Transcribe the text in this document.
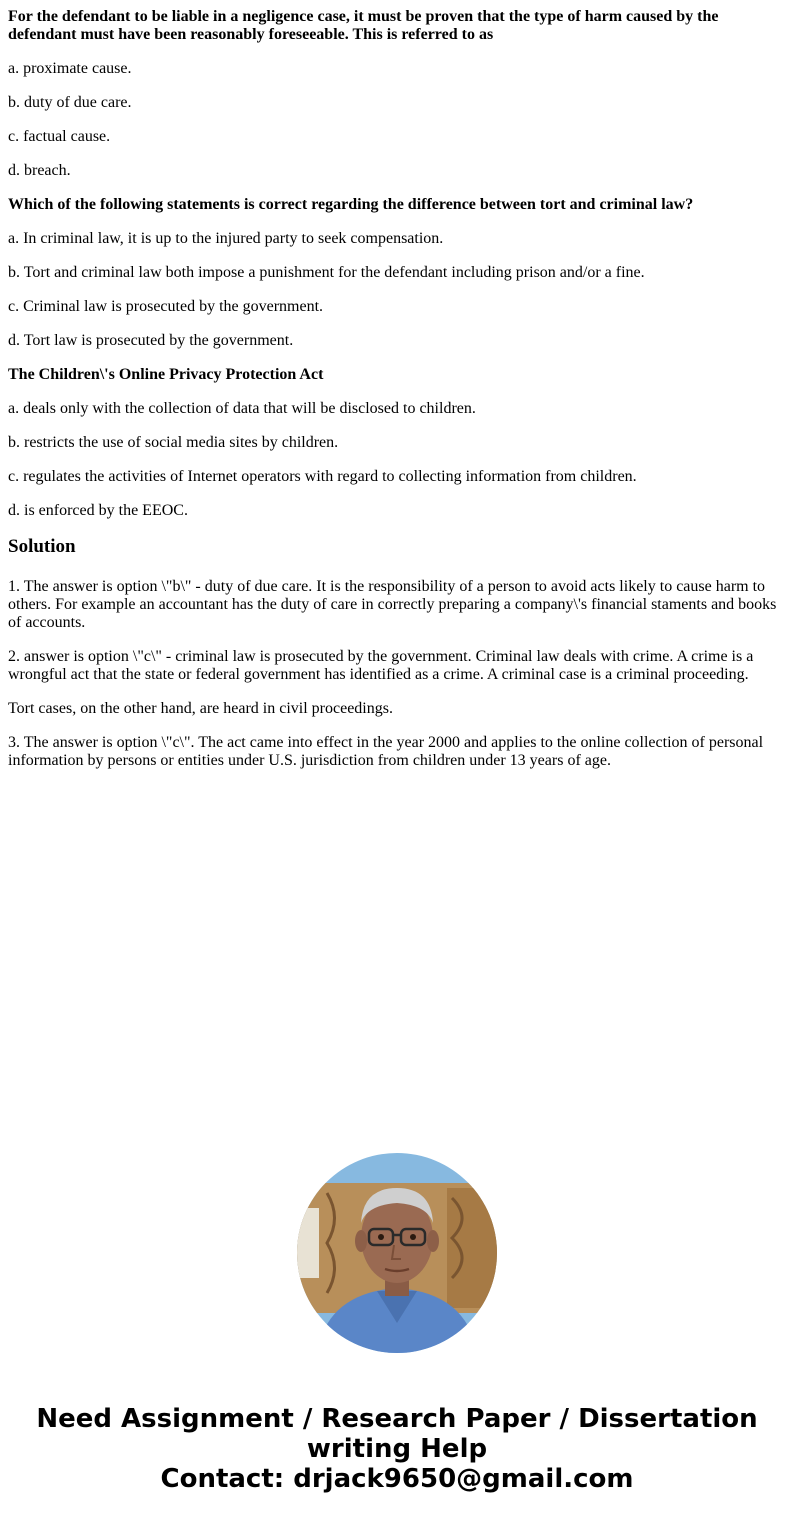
For the defendant to be liable in a negligence case, it must be proven that the type of harm caused by the defendant must have been reasonably foreseeable. This is referred to as

a. proximate cause.

b. duty of due care.

c. factual cause.

d. breach.

Which of the following statements is correct regarding the difference between tort and criminal law?

a. In criminal law, it is up to the injured party to seek compensation.

b. Tort and criminal law both impose a punishment for the defendant including prison and/or a fine.

c. Criminal law is prosecuted by the government.

d. Tort law is prosecuted by the government.

The Children\'s Online Privacy Protection Act

a. deals only with the collection of data that will be disclosed to children.

b. restricts the use of social media sites by children.

c. regulates the activities of Internet operators with regard to collecting information from children.

d. is enforced by the EEOC.

Solution

1. The answer is option \"b\" - duty of due care. It is the responsibility of a person to avoid acts likely to cause harm to others. For example an accountant has the duty of care in correctly preparing a company\'s financial staments and books of accounts.

2. answer is option \"c\" - criminal law is prosecuted by the government. Criminal law deals with crime. A crime is a wrongful act that the state or federal government has identified as a crime. A criminal case is a criminal proceeding.

Tort cases, on the other hand, are heard in civil proceedings.

3. The answer is option \"c\". The act came into effect in the year 2000 and applies to the online collection of personal information by persons or entities under U.S. jurisdiction from children under 13 years of age.

Need Assignment / Research Paper / Dissertation
writing Help
Contact: drjack9650@gmail.com
